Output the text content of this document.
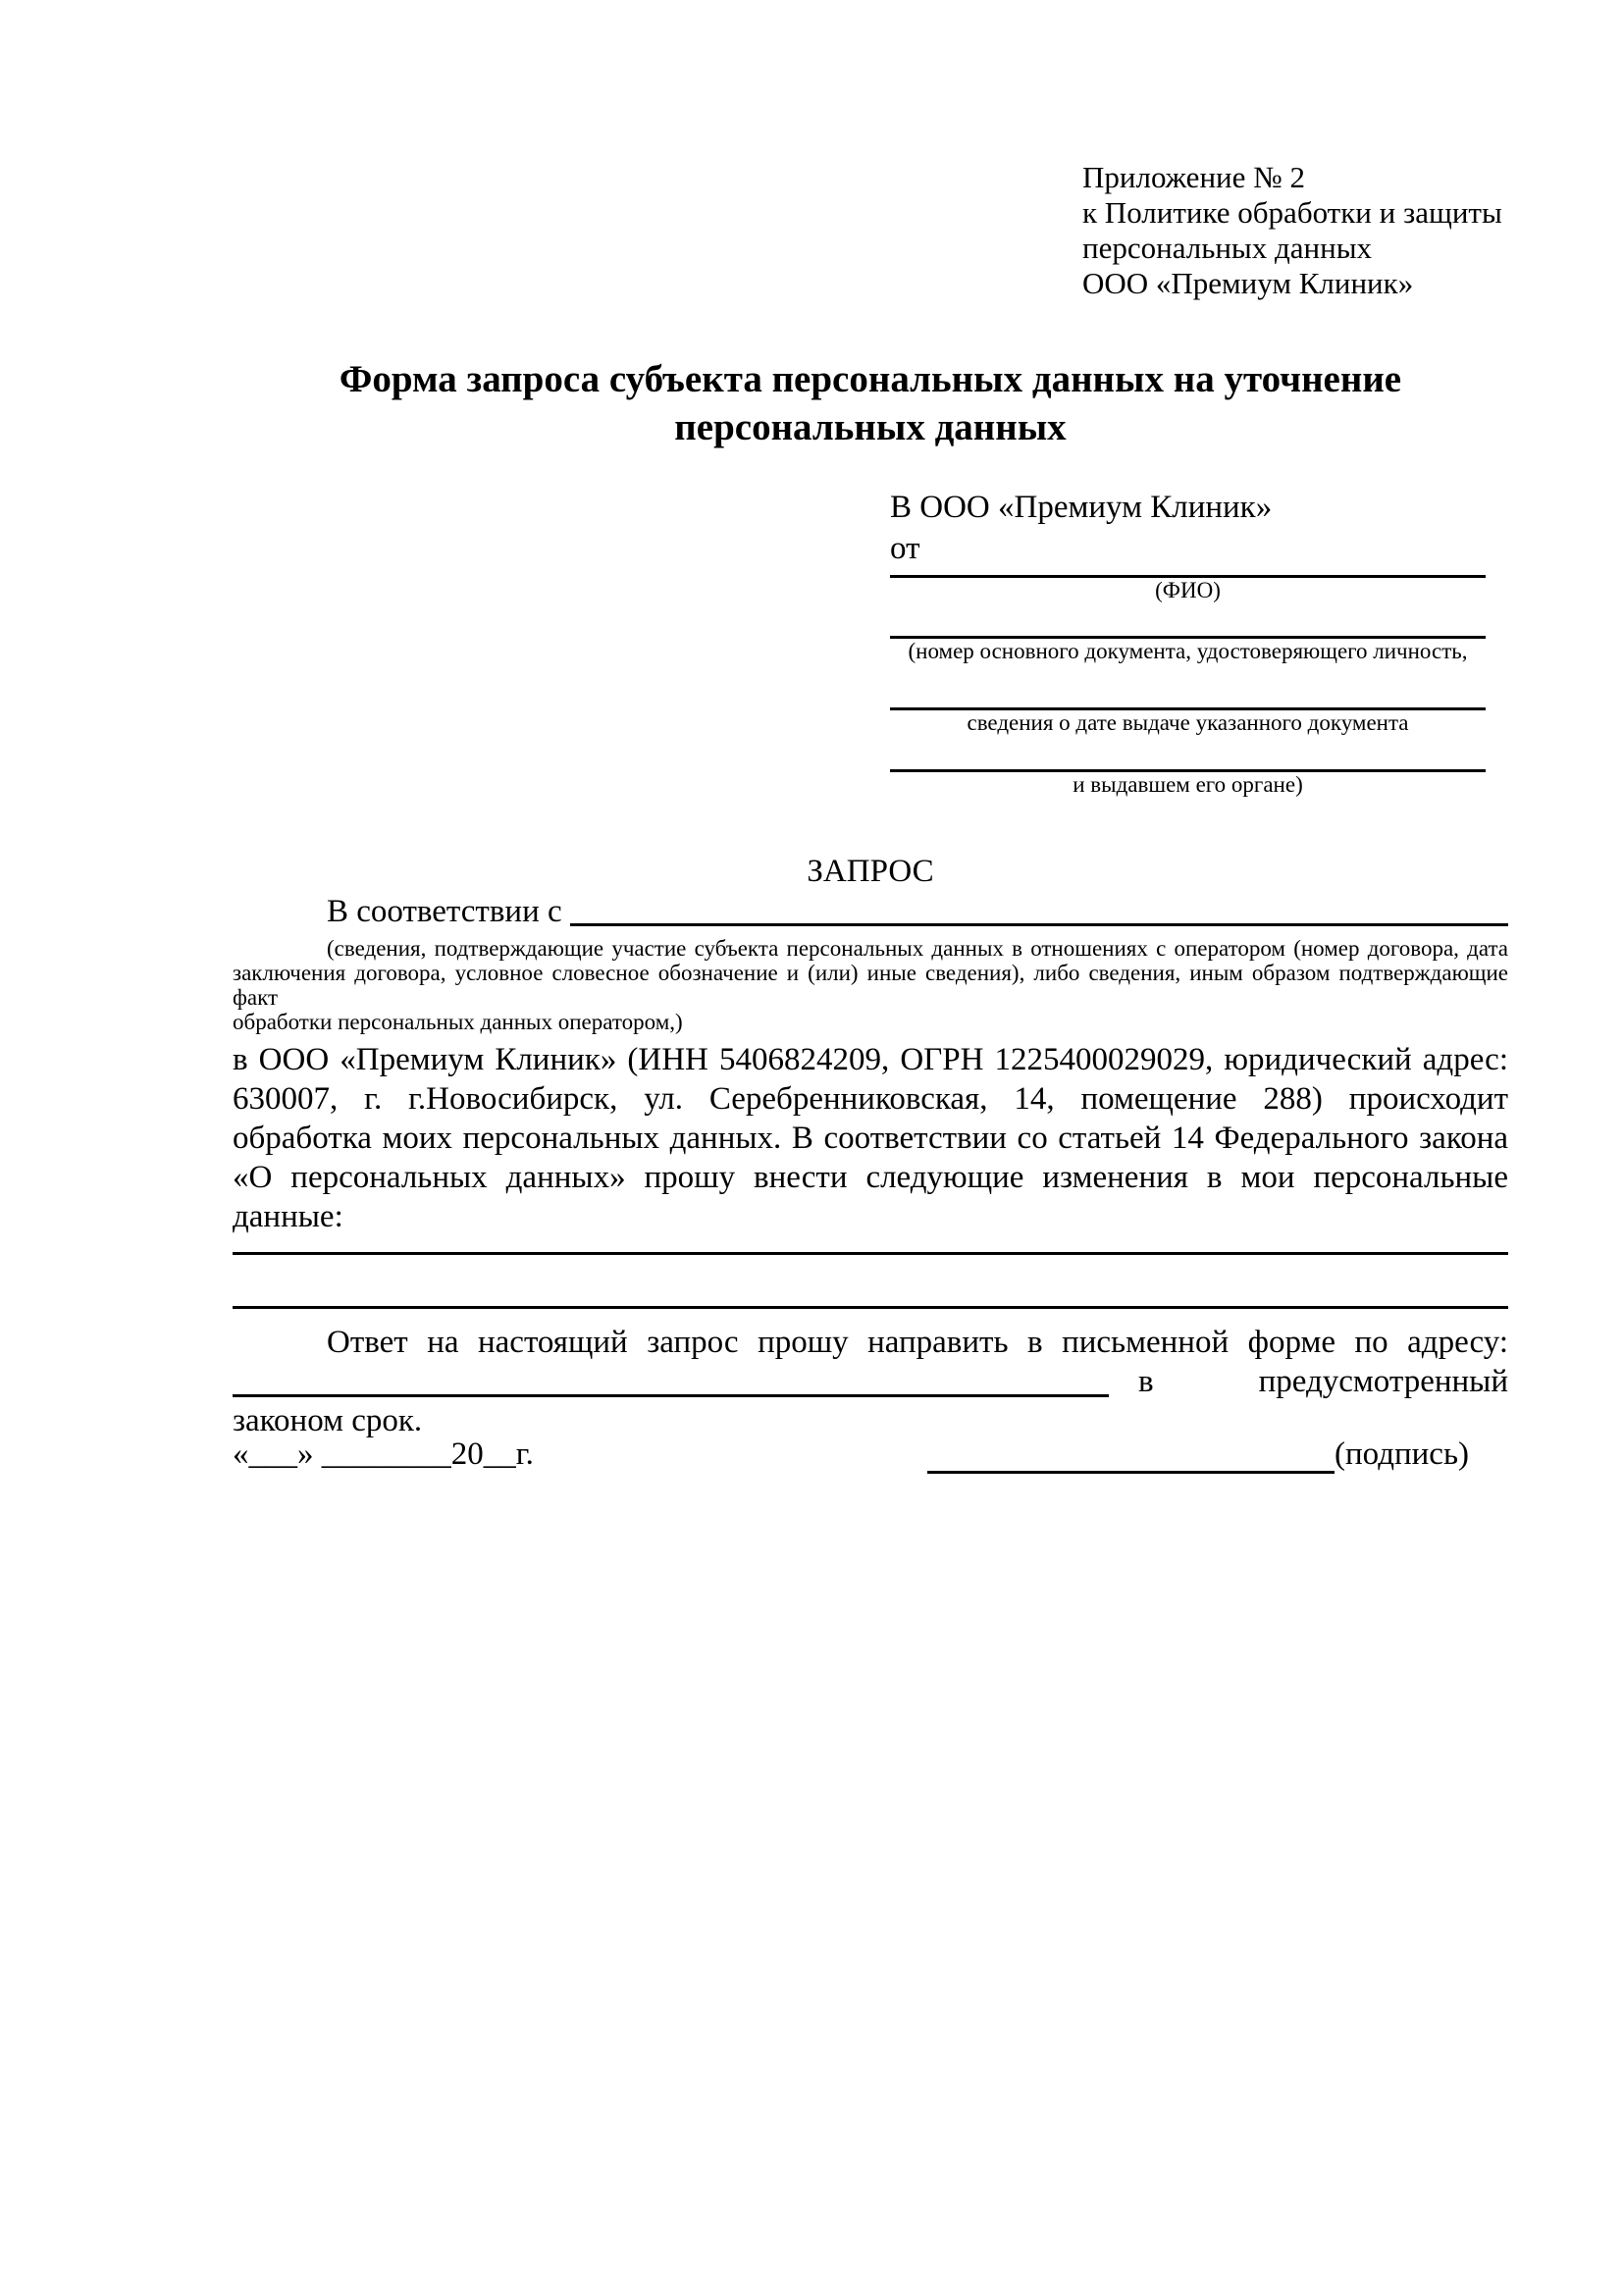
Приложение № 2
к Политике обработки и защиты
персональных данных
ООО «Премиум Клиник»
Форма запроса субъекта персональных данных на уточнение
персональных данных
В ООО «Премиум Клиник»
от
(ФИО)
(номер основного документа, удостоверяющего личность,
сведения о дате выдаче указанного документа
и выдавшем его органе)
ЗАПРОС
В соответствии с
(сведения, подтверждающие участие субъекта персональных данных в отношениях с оператором (номер договора, дата
заключения договора, условное словесное обозначение и (или) иные сведения), либо сведения, иным образом подтверждающие факт
обработки персональных данных оператором,)
в ООО «Премиум Клиник» (ИНН 5406824209, ОГРН 1225400029029, юридический адрес:
630007, г. г.Новосибирск, ул. Серебренниковская, 14, помещение 288) происходит
обработка моих персональных данных. В соответствии со статьей 14 Федерального закона
«О персональных данных» прошу внести следующие изменения в мои персональные
данные:
Ответ на настоящий запрос прошу направить в письменной форме по адресу:
в	предусмотренный
законом срок.
«___» ________20__г.	(подпись)
